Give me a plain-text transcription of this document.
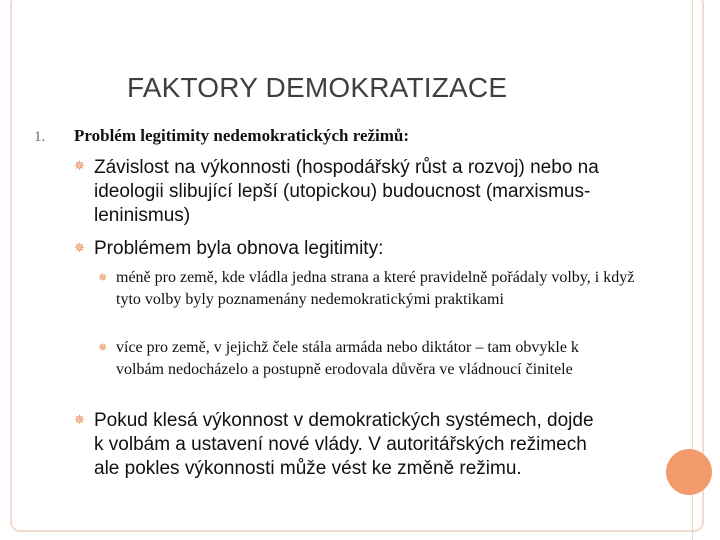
FAKTORY DEMOKRATIZACE
1. Problém legitimity nedemokratických režimů:
✵ Závislost na výkonnosti (hospodářský růst a rozvoj) nebo na ideologii slibující lepší (utopickou) budoucnost (marxismus-leninismus)
✵ Problémem byla obnova legitimity:
✵ méně pro země, kde vládla jedna strana a které pravidelně pořádaly volby, i když tyto volby byly poznamenány nedemokratickými praktikami
✵ více pro země, v jejichž čele stála armáda nebo diktátor – tam obvykle k volbám nedocházelo a postupně erodovala důvěra ve vládnoucí činitele
✵ Pokud klesá výkonnost v demokratických systémech, dojde k volbám a ustavení nové vlády. V autoritářských režimech ale pokles výkonnosti může vést ke změně režimu.
